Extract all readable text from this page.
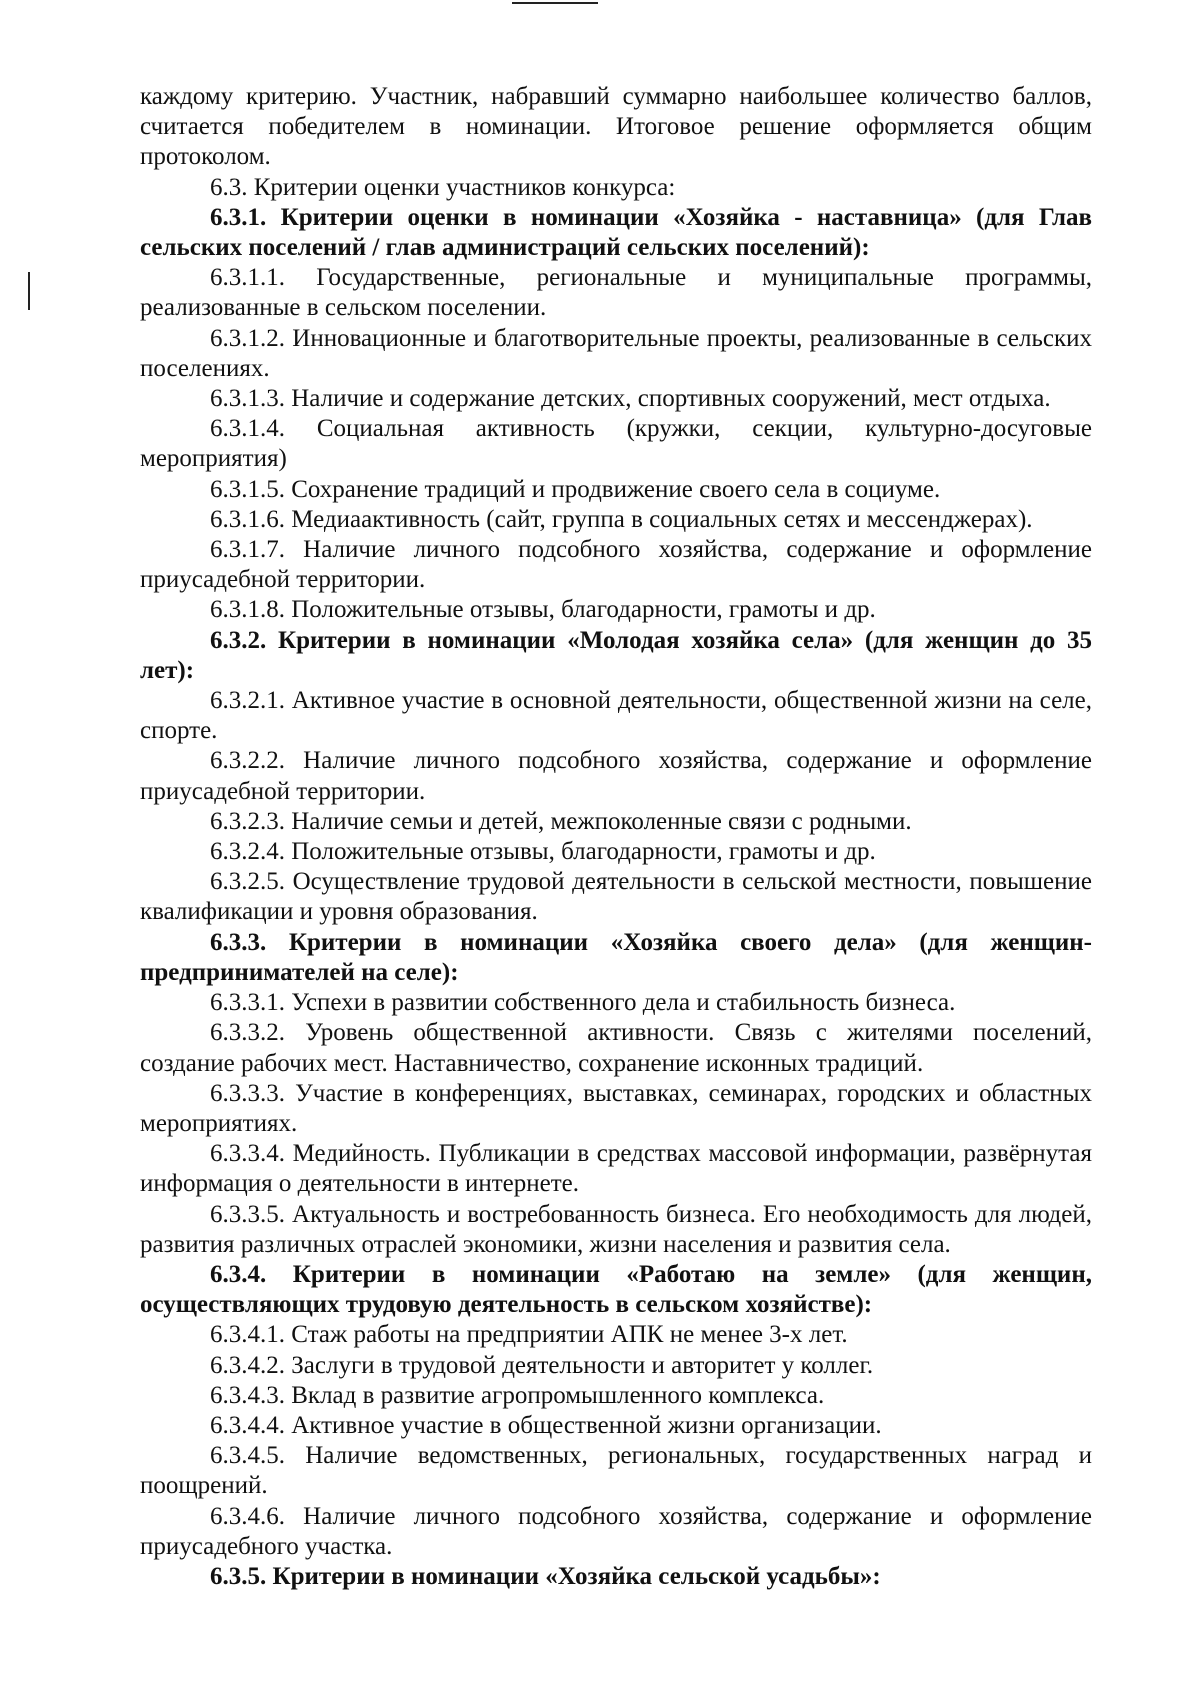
каждому критерию. Участник, набравший суммарно наибольшее количество баллов, считается победителем в номинации. Итоговое решение оформляется общим протоколом.

6.3. Критерии оценки участников конкурса:

6.3.1. Критерии оценки в номинации «Хозяйка - наставница» (для Глав сельских поселений / глав администраций сельских поселений):

6.3.1.1. Государственные, региональные и муниципальные программы, реализованные в сельском поселении.

6.3.1.2. Инновационные и благотворительные проекты, реализованные в сельских поселениях.

6.3.1.3. Наличие и содержание детских, спортивных сооружений, мест отдыха.

6.3.1.4. Социальная активность (кружки, секции, культурно-досуговые мероприятия)

6.3.1.5. Сохранение традиций и продвижение своего села в социуме.

6.3.1.6. Медиаактивность (сайт, группа в социальных сетях и мессенджерах).

6.3.1.7. Наличие личного подсобного хозяйства, содержание и оформление приусадебной территории.

6.3.1.8. Положительные отзывы, благодарности, грамоты и др.

6.3.2. Критерии в номинации «Молодая хозяйка села» (для женщин до 35 лет):

6.3.2.1. Активное участие в основной деятельности, общественной жизни на селе, спорте.

6.3.2.2. Наличие личного подсобного хозяйства, содержание и оформление приусадебной территории.

6.3.2.3. Наличие семьи и детей, межпоколенные связи с родными.

6.3.2.4. Положительные отзывы, благодарности, грамоты и др.

6.3.2.5. Осуществление трудовой деятельности в сельской местности, повышение квалификации и уровня образования.

6.3.3. Критерии в номинации «Хозяйка своего дела» (для женщин-предпринимателей на селе):

6.3.3.1. Успехи в развитии собственного дела и стабильность бизнеса.

6.3.3.2. Уровень общественной активности. Связь с жителями поселений, создание рабочих мест. Наставничество, сохранение исконных традиций.

6.3.3.3. Участие в конференциях, выставках, семинарах, городских и областных мероприятиях.

6.3.3.4. Медийность. Публикации в средствах массовой информации, развёрнутая информация о деятельности в интернете.

6.3.3.5. Актуальность и востребованность бизнеса. Его необходимость для людей, развития различных отраслей экономики, жизни населения и развития села.

6.3.4. Критерии в номинации «Работаю на земле» (для женщин, осуществляющих трудовую деятельность в сельском хозяйстве):

6.3.4.1. Стаж работы на предприятии АПК не менее 3-х лет.

6.3.4.2. Заслуги в трудовой деятельности и авторитет у коллег.

6.3.4.3. Вклад в развитие агропромышленного комплекса.

6.3.4.4. Активное участие в общественной жизни организации.

6.3.4.5. Наличие ведомственных, региональных, государственных наград и поощрений.

6.3.4.6. Наличие личного подсобного хозяйства, содержание и оформление приусадебного участка.

6.3.5. Критерии в номинации «Хозяйка сельской усадьбы»:
